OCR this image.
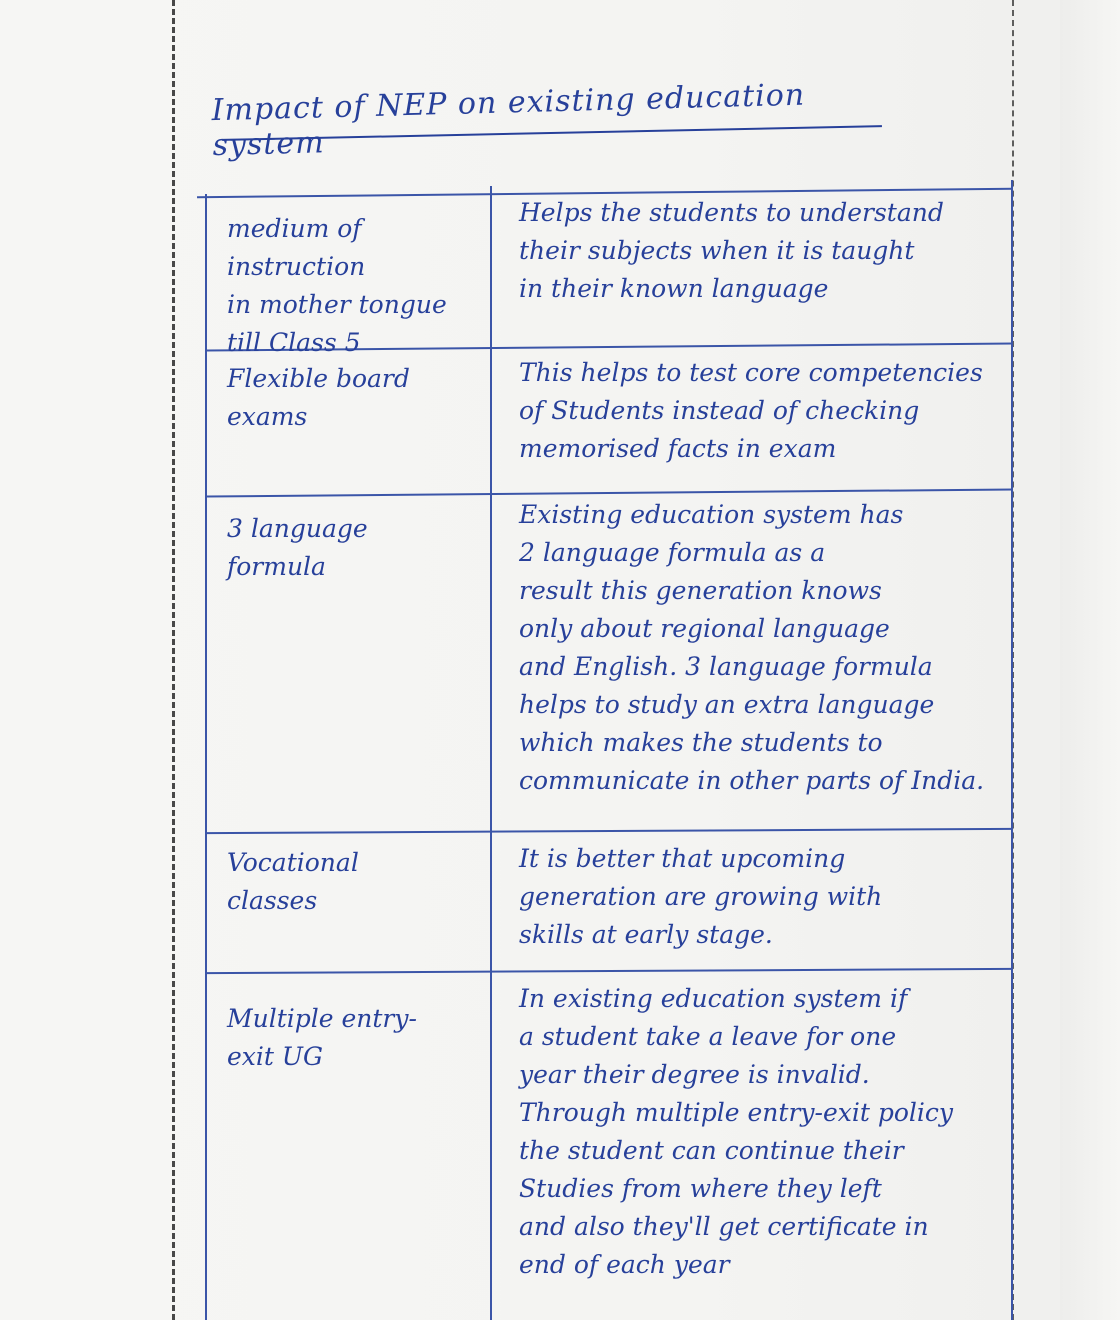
Impact of NEP on existing education system
medium of instruction
in mother tongue
till Class 5
Helps the students to understand
their subjects when it is taught
in their known language
Flexible board
exams
This helps to test core competencies
of Students instead of checking
memorised facts in exam
3 language
formula
Existing education system has
2 language formula as a
result this generation knows
only about regional language
and English. 3 language formula
helps to study an extra language
which makes the students to
communicate in other parts of India.
Vocational
classes
It is better that upcoming
generation are growing with
skills at early stage.
Multiple entry-
exit UG
In existing education system if
a student take a leave for one
year their degree is invalid.
Through multiple entry-exit policy
the student can continue their
Studies from where they left
and also they'll get certificate in
end of each year
